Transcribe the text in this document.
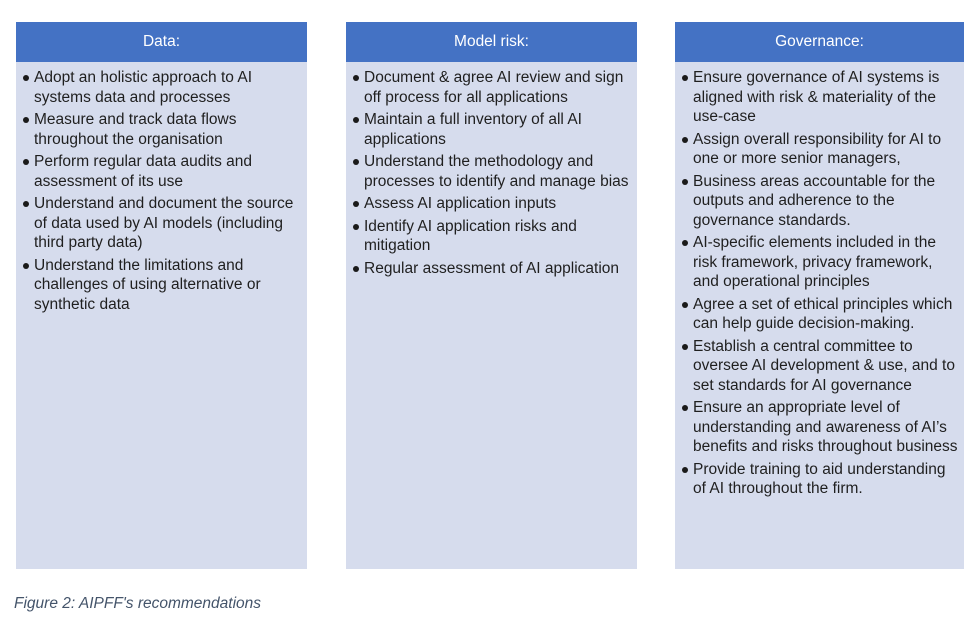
Data:
Adopt an holistic approach to AI systems data and processes
Measure and track data flows throughout the organisation
Perform regular data audits and assessment of its use
Understand and document the source of data used by AI models (including third party data)
Understand the limitations and challenges of using alternative or synthetic data
Model risk:
Document & agree AI review and sign off process for all applications
Maintain a full inventory of all AI applications
Understand the methodology and processes to identify and manage bias
Assess AI application inputs
Identify AI application risks and mitigation
Regular assessment of AI application
Governance:
Ensure governance of AI systems is aligned with risk & materiality of the use-case
Assign overall responsibility for AI to one or more senior managers,
Business areas accountable for the outputs and adherence to the governance standards.
AI-specific elements included in the risk framework, privacy framework, and operational principles
Agree a set of ethical principles which can help guide decision-making.
Establish a central committee to oversee AI development & use, and to set standards for AI governance
Ensure an appropriate level of understanding and awareness of AI’s benefits and risks throughout business
Provide training to aid understanding of AI throughout the firm.
Figure 2: AIPFF's recommendations
